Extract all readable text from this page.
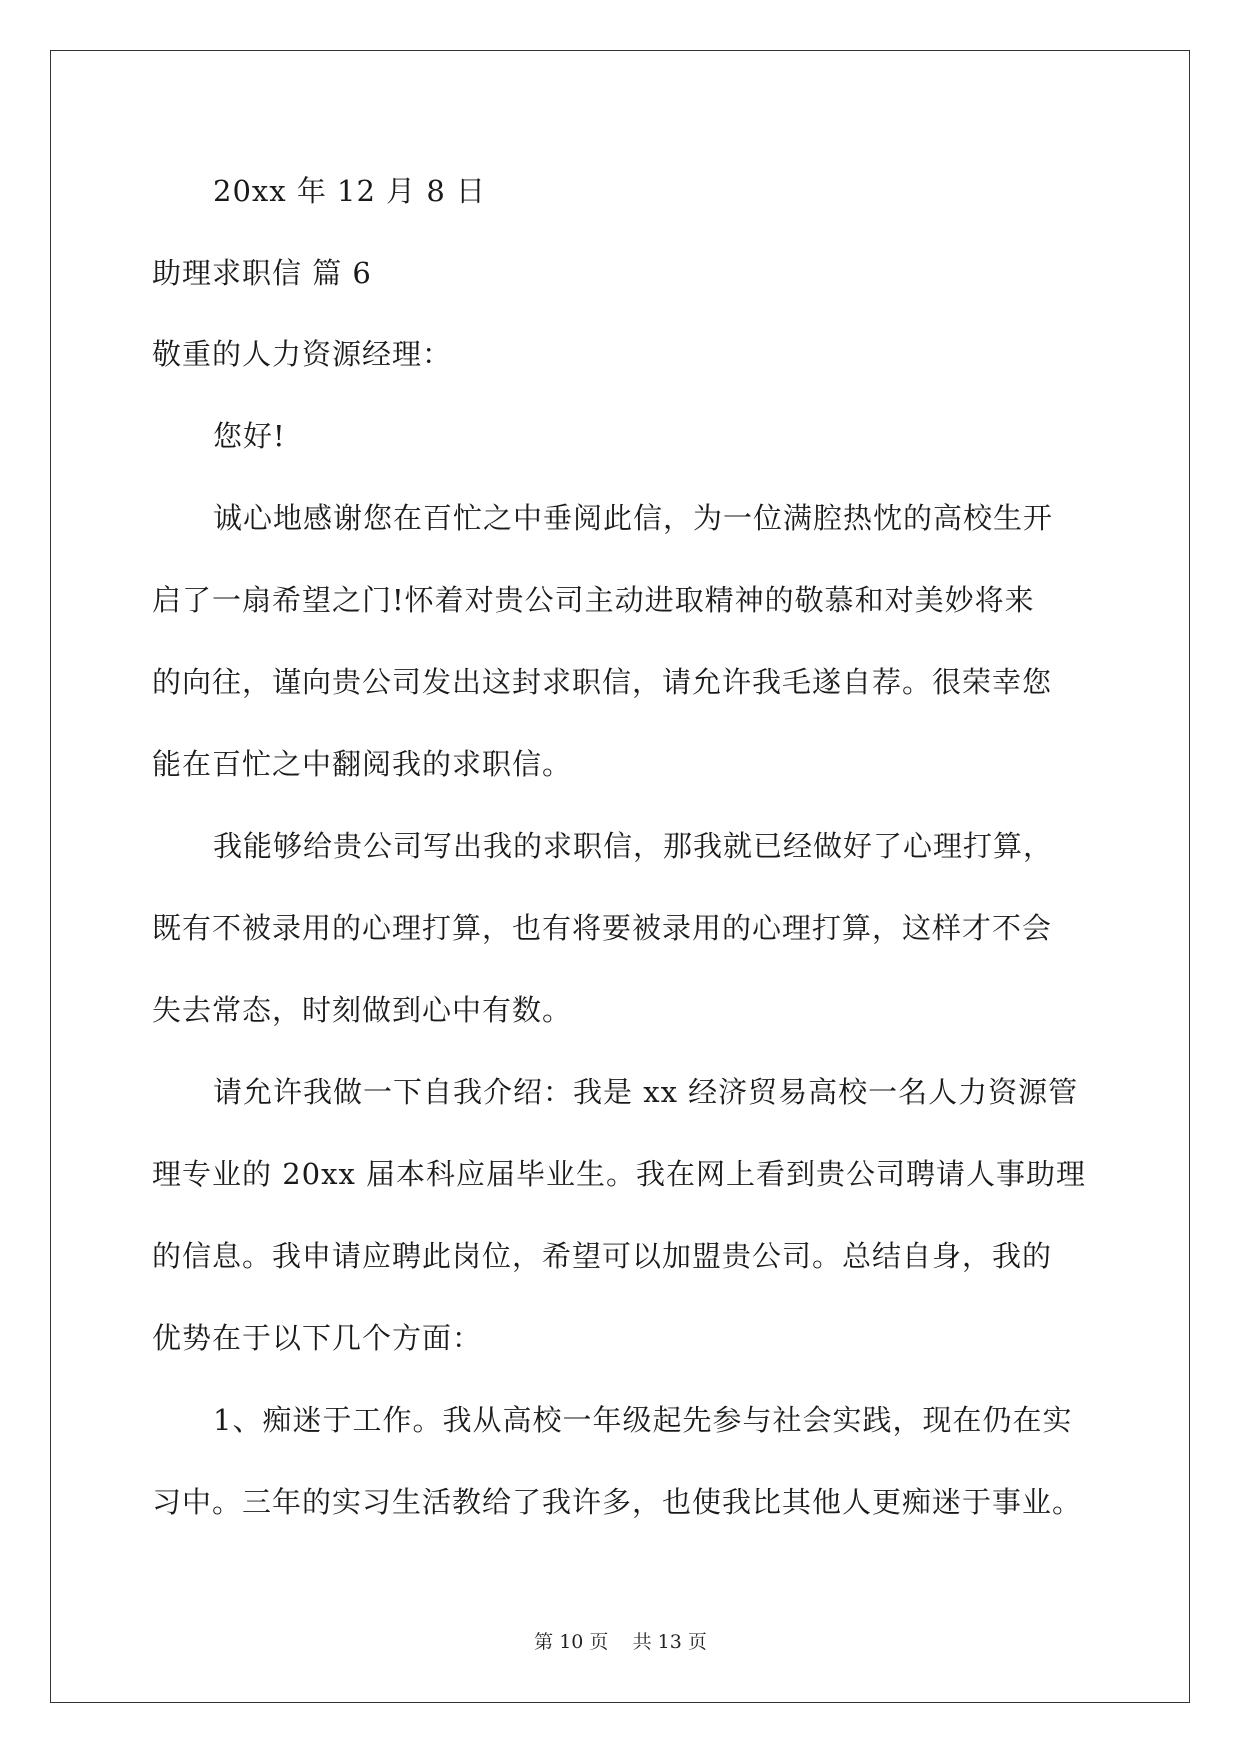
20xx 年 12 月 8 日
助理求职信 篇 6
敬重的人力资源经理：
您好!
诚心地感谢您在百忙之中垂阅此信，为一位满腔热忱的高校生开
启了一扇希望之门!怀着对贵公司主动进取精神的敬慕和对美妙将来
的向往，谨向贵公司发出这封求职信，请允许我毛遂自荐。很荣幸您
能在百忙之中翻阅我的求职信。
我能够给贵公司写出我的求职信，那我就已经做好了心理打算，
既有不被录用的心理打算，也有将要被录用的心理打算，这样才不会
失去常态，时刻做到心中有数。
请允许我做一下自我介绍：我是 xx 经济贸易高校一名人力资源管
理专业的 20xx 届本科应届毕业生。我在网上看到贵公司聘请人事助理
的信息。我申请应聘此岗位，希望可以加盟贵公司。总结自身，我的
优势在于以下几个方面：
1、痴迷于工作。我从高校一年级起先参与社会实践，现在仍在实
习中。三年的实习生活教给了我许多，也使我比其他人更痴迷于事业。
第 10 页    共 13 页
